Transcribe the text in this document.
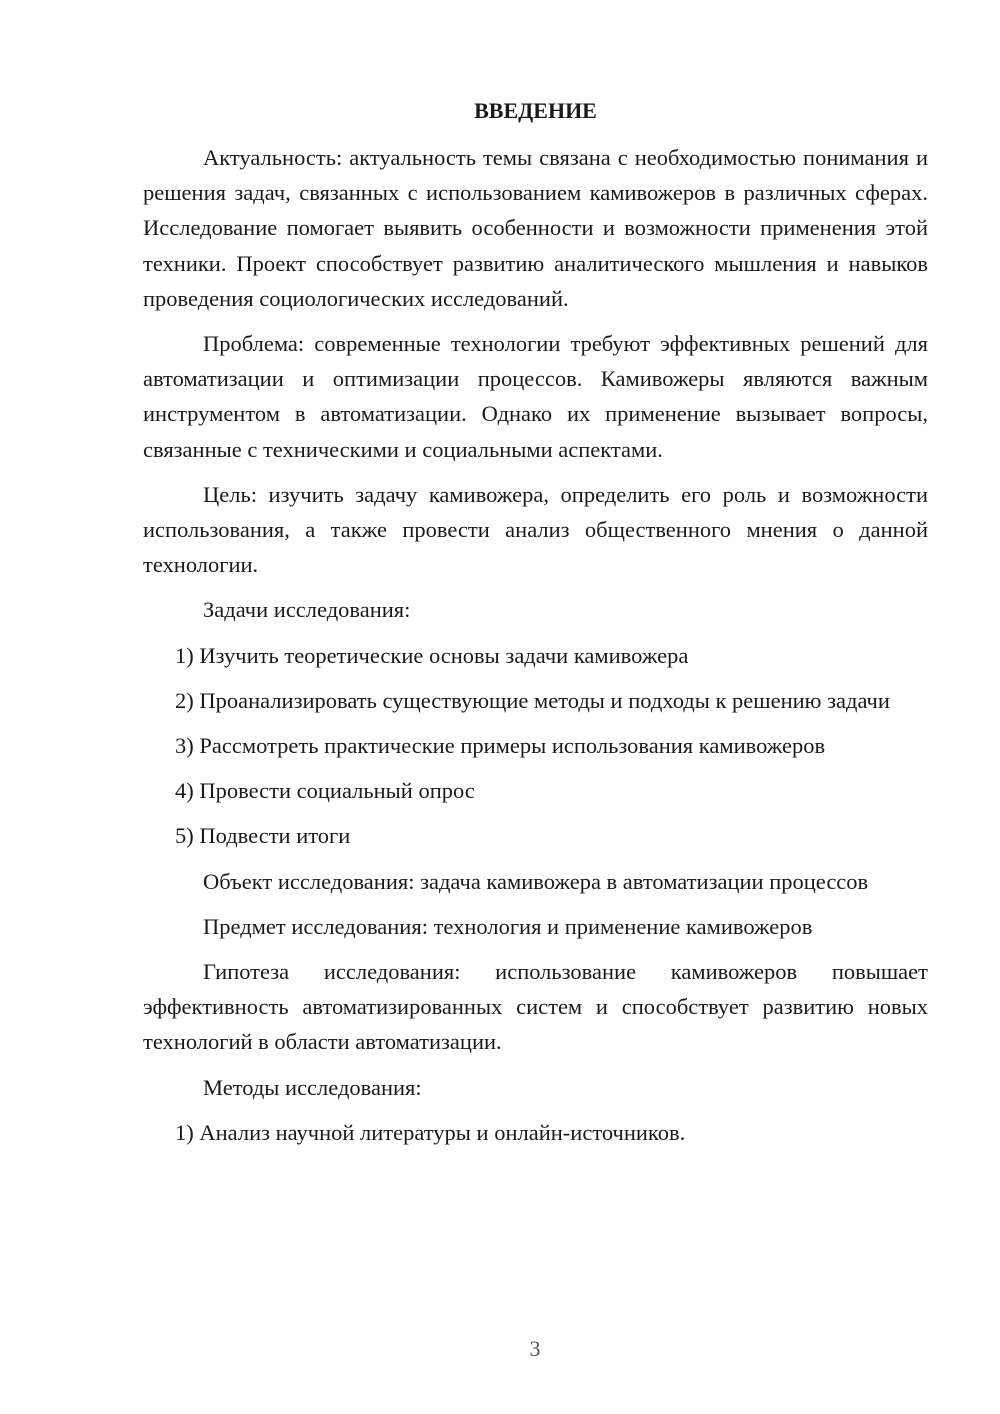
ВВЕДЕНИЕ

Актуальность: актуальность темы связана с необходимостью понимания и решения задач, связанных с использованием камивожеров в различных сферах. Исследование помогает выявить особенности и возможности применения этой техники. Проект способствует развитию аналитического мышления и навыков проведения социологических исследований.

Проблема: современные технологии требуют эффективных решений для автоматизации и оптимизации процессов. Камивожеры являются важным инструментом в автоматизации. Однако их применение вызывает вопросы, связанные с техническими и социальными аспектами.

Цель: изучить задачу камивожера, определить его роль и возможности использования, а также провести анализ общественного мнения о данной технологии.

Задачи исследования:

1) Изучить теоретические основы задачи камивожера

2) Проанализировать существующие методы и подходы к решению задачи

3) Рассмотреть практические примеры использования камивожеров

4) Провести социальный опрос

5) Подвести итоги

Объект исследования: задача камивожера в автоматизации процессов

Предмет исследования: технология и применение камивожеров

Гипотеза исследования: использование камивожеров повышает эффективность автоматизированных систем и способствует развитию новых технологий в области автоматизации.

Методы исследования:

1) Анализ научной литературы и онлайн-источников.

3
